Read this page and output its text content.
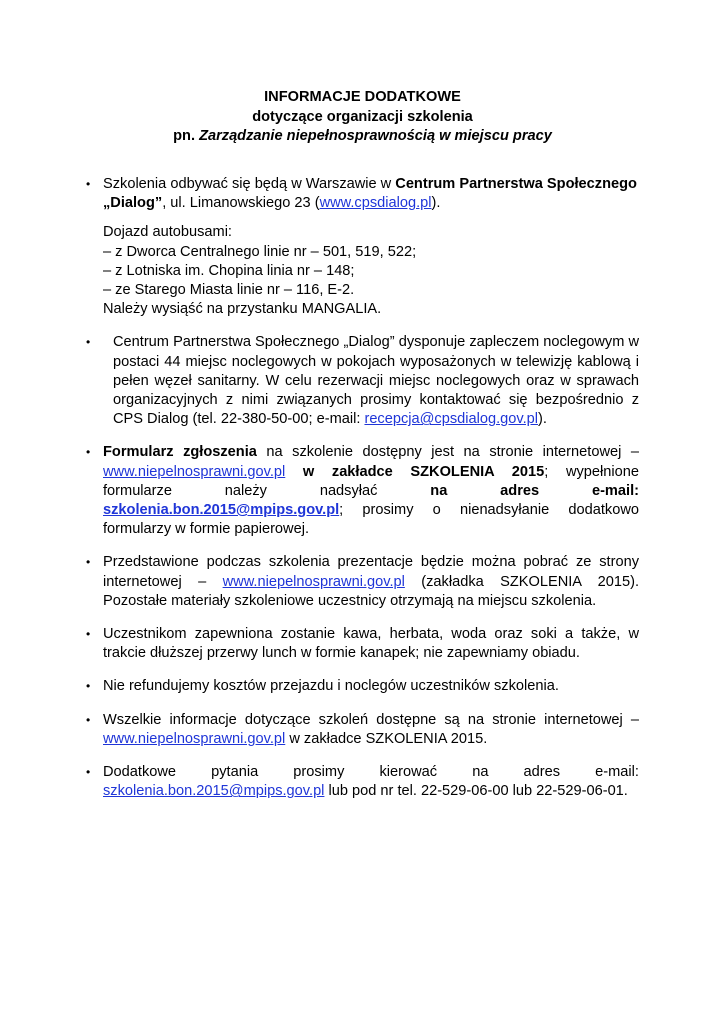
INFORMACJE DODATKOWE
dotyczące organizacji szkolenia
pn. Zarządzanie niepełnosprawnością w miejscu pracy
• Szkolenia odbywać się będą w Warszawie w Centrum Partnerstwa Społecznego
„Dialog”, ul. Limanowskiego 23 (www.cpsdialog.pl).

Dojazd autobusami:

– z Dworca Centralnego linie nr – 501, 519, 522;

– z Lotniska im. Chopina linia nr – 148;

– ze Starego Miasta linie nr – 116, E-2.

Należy wysiąść na przystanku MANGALIA.

•	Centrum Partnerstwa Społecznego „Dialog” dysponuje zapleczem noclegowym w postaci 44 miejsc noclegowych w pokojach wyposażonych w telewizję kablową i pełen węzeł sanitarny. W celu rezerwacji miejsc noclegowych oraz w sprawach organizacyjnych z nimi związanych prosimy kontaktować się bezpośrednio z CPS Dialog (tel. 22-380-50-00; e-mail: recepcja@cpsdialog.gov.pl).

• Formularz zgłoszenia na szkolenie dostępny jest na stronie internetowej – www.niepelnosprawni.gov.pl w zakładce SZKOLENIA 2015; wypełnione formularze należy nadsyłać na adres e-mail: szkolenia.bon.2015@mpips.gov.pl; prosimy o nienadsyłanie dodatkowo formularzy w formie papierowej.

• Przedstawione podczas szkolenia prezentacje będzie można pobrać ze strony internetowej – www.niepelnosprawni.gov.pl (zakładka SZKOLENIA 2015). Pozostałe materiały szkoleniowe uczestnicy otrzymają na miejscu szkolenia.

• Uczestnikom zapewniona zostanie kawa, herbata, woda oraz soki a także, w trakcie dłuższej przerwy lunch w formie kanapek; nie zapewniamy obiadu.

• Nie refundujemy kosztów przejazdu i noclegów uczestników szkolenia.

• Wszelkie informacje dotyczące szkoleń dostępne są na stronie internetowej – www.niepelnosprawni.gov.pl w zakładce SZKOLENIA 2015.

• Dodatkowe pytania prosimy kierować na adres e-mail:

szkolenia.bon.2015@mpips.gov.pl lub pod nr tel. 22-529-06-00 lub 22-529-06-01.
